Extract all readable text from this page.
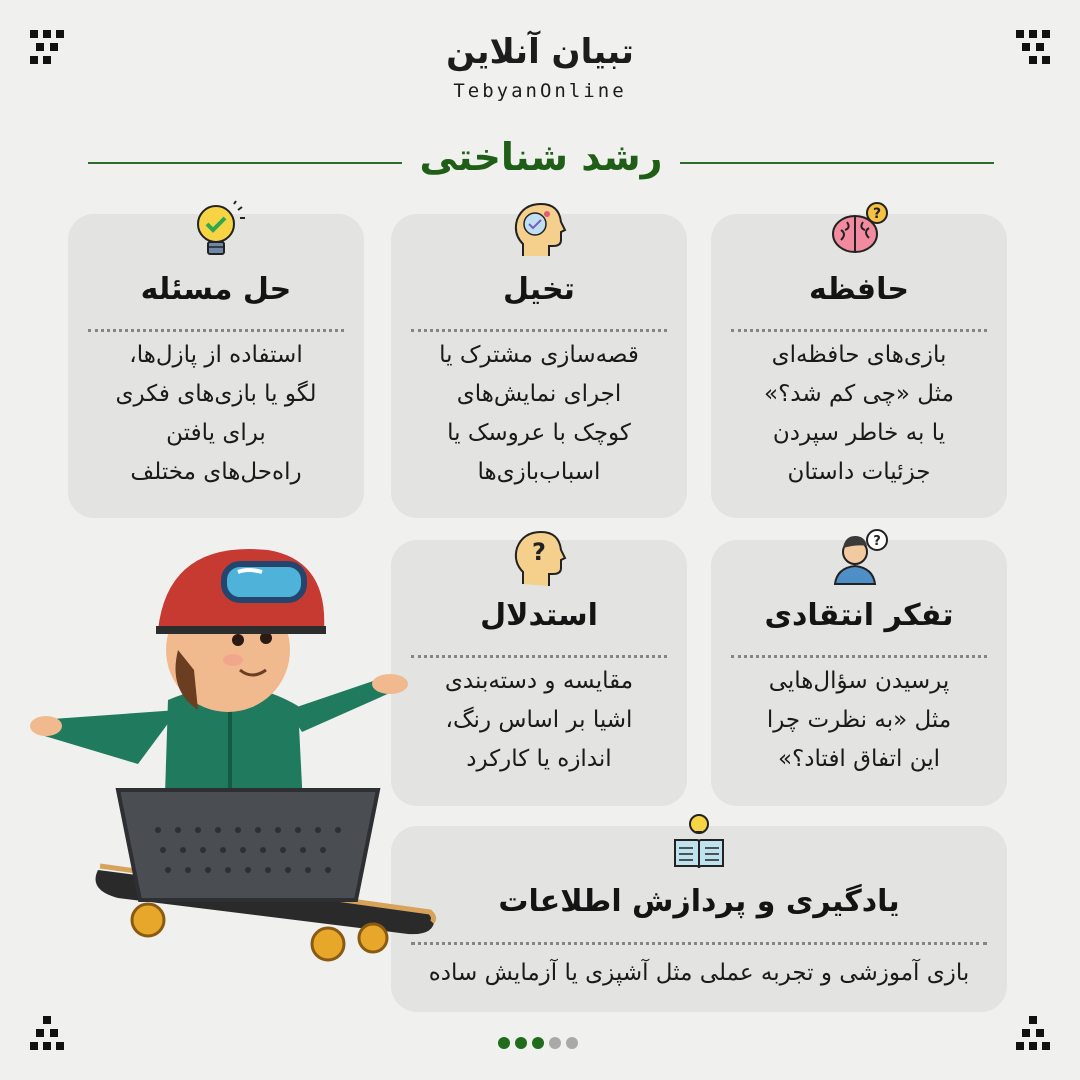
تبیان آنلاین
TebyanOnline
رشد شناختی
?
حافظه

بازی‌های حافظه‌ای
مثل «چی کم شد؟»
یا به خاطر سپردن
جزئیات داستان

تخیل

قصه‌سازی مشترک یا
اجرای نمایش‌های
کوچک با عروسک یا
اسباب‌بازی‌ها

حل مسئله

استفاده از پازل‌ها،
لگو یا بازی‌های فکری
برای یافتن
راه‌حل‌های مختلف

?
تفکر انتقادی

پرسیدن سؤال‌هایی
مثل «به نظرت چرا
این اتفاق افتاد؟»

?
استدلال

مقایسه و دسته‌بندی
اشیا بر اساس رنگ،
اندازه یا کارکرد

یادگیری و پردازش اطلاعات

بازی آموزشی و تجربه عملی مثل آشپزی یا آزمایش ساده
